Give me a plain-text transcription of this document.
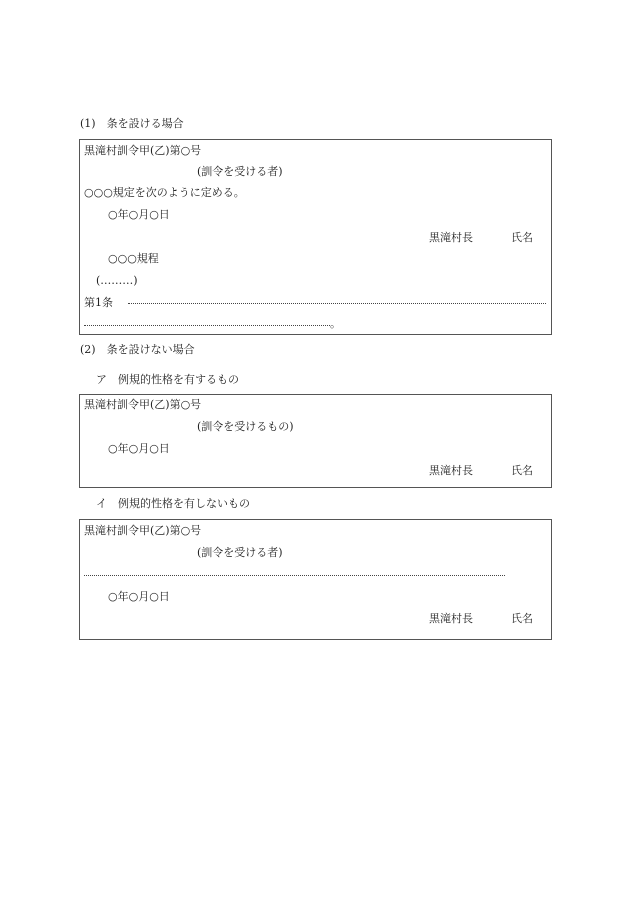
(1)　条を設ける場合
黒滝村訓令甲(乙)第○号
(訓令を受ける者)
○○○規定を次のように定める。
○年○月○日
黒滝村長	氏名
○○○規程
(………)
第1条
。
(2)　条を設けない場合
ア　例規的性格を有するもの
黒滝村訓令甲(乙)第○号
(訓令を受けるもの)
○年○月○日
黒滝村長	氏名
イ　例規的性格を有しないもの
黒滝村訓令甲(乙)第○号
(訓令を受ける者)
○年○月○日
黒滝村長	氏名
